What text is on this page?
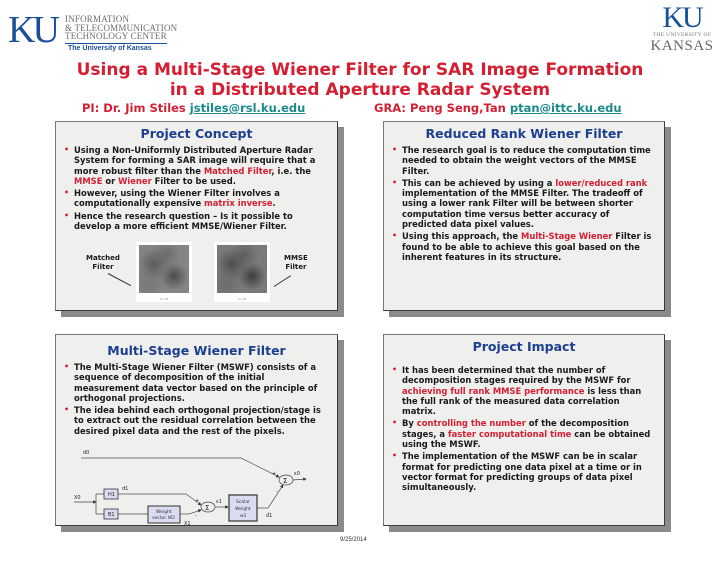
KU INFORMATION
& TELECOMMUNICATION
TECHNOLOGY CENTER
The University of Kansas
KU
THE UNIVERSITY OF
KANSAS
Using a Multi-Stage Wiener Filter for SAR Image Formation
in a Distributed Aperture Radar System
PI: Dr. Jim Stiles jstiles@rsl.ku.edu	GRA: Peng Seng,Tan ptan@ittc.ku.edu
Project Concept
• Using a Non-Uniformly Distributed Aperture Radar System for forming a SAR image will require that a more robust filter than the Matched Filter, i.e. the MMSE or Wiener Filter to be used.
• However, using the Wiener Filter involves a computationally expensive matrix inverse.
• Hence the research question – Is it possible to develop a more efficient MMSE/Wiener Filter.
Matched
Filter
10 dB	10 dB
MMSE
Filter
Reduced Rank Wiener Filter
• The research goal is to reduce the computation time needed to obtain the weight vectors of the MMSE Filter.
• This can be achieved by using a lower/reduced rank implementation of the MMSE Filter. The tradeoff of using a lower rank Filter will be between shorter computation time versus better accuracy of predicted data pixel values.
• Using this approach, the Multi-Stage Wiener Filter is found to be able to achieve this goal based on the inherent features in its structure.
Multi-Stage Wiener Filter
• The Multi-Stage Wiener Filter (MSWF) consists of a sequence of decomposition of the initial measurement data vector based on the principle of orthogonal projections.
• The idea behind each orthogonal projection/stage is to extract out the residual correlation between the desired pixel data and the rest of the pixels.
d0
Σ
+	ε0
X0	H1
B1
d1
Weight
vector W2
X1
+
-
Σ
ε1	Scalar
Weight
w1	d̂1
-
Project Impact
• It has been determined that the number of decomposition stages required by the MSWF for achieving full rank MMSE performance is less than the full rank of the measured data correlation matrix.
• By controlling the number of the decomposition stages, a faster computational time can be obtained using the MSWF.
• The implementation of the MSWF can be in scalar format for predicting one data pixel at a time or in vector format for predicting groups of data pixel simultaneously.
9/25/2014
